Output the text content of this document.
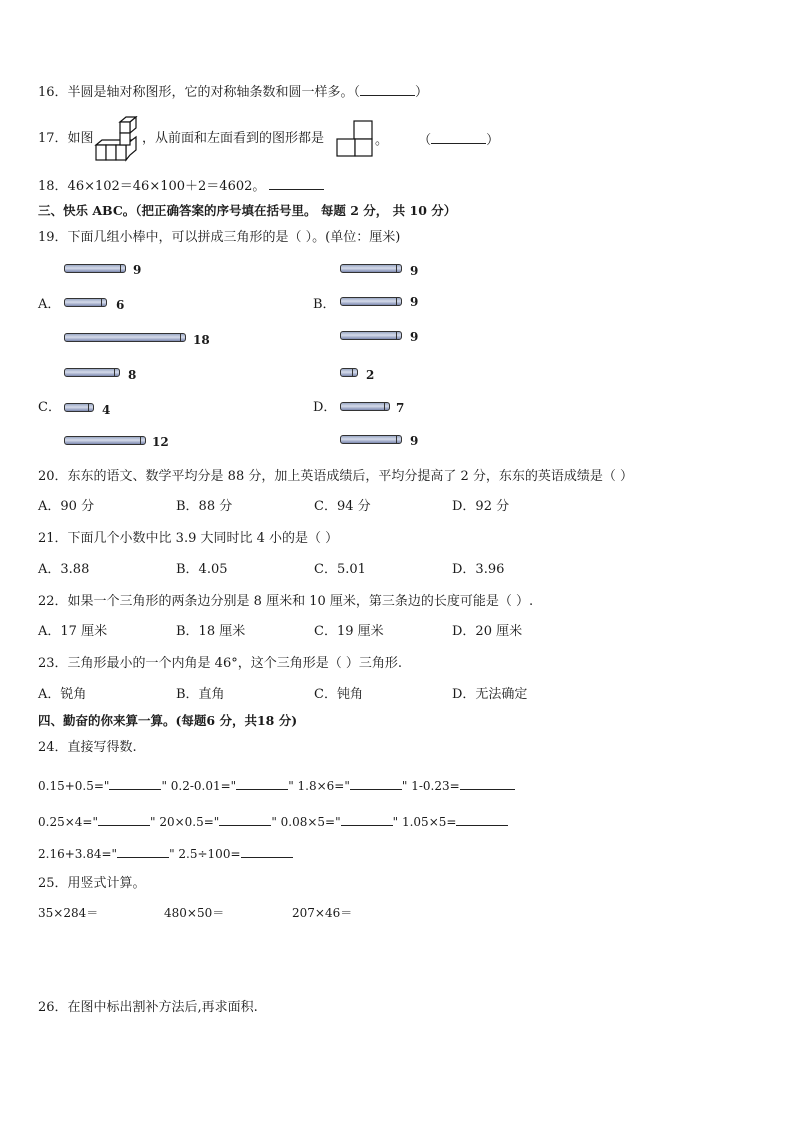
16．半圆是轴对称图形，它的对称轴条数和圆一样多。（	）
17．如图	，从前面和左面看到的图形都是	。 （	）
18．46×102＝46×100＋2＝4602。
三、快乐 ABC。（把正确答案的序号填在括号里。 每题 2 分， 共 10 分）
19．下面几组小棒中，可以拼成三角形的是（ ）。(单位：厘米)
A．	B．
C．	D．
9
6
18
9
9
9
8
4
12
2
7
9
20．东东的语文、数学平均分是 88 分，加上英语成绩后，平均分提高了 2 分，东东的英语成绩是（ ）
A．90 分	B．88 分	C．94 分	D．92 分
21．下面几个小数中比 3.9 大同时比 4 小的是（ ）
A．3.88	B．4.05	C．5.01	D．3.96
22．如果一个三角形的两条边分别是 8 厘米和 10 厘米，第三条边的长度可能是（ ）.
A．17 厘米	B．18 厘米	C．19 厘米	D．20 厘米
23．三角形最小的一个内角是 46°，这个三角形是（ ）三角形.
A．锐角	B．直角	C．钝角	D．无法确定
四、勤奋的你来算一算。(每题6 分，共18 分)
24．直接写得数.
0.15+0.5="	" 0.2-0.01="	" 1.8×6="	" 1-0.23=
0.25×4="	" 20×0.5="	" 0.08×5="	" 1.05×5=
2.16+3.84="	" 2.5÷100=
25．用竖式计算。
35×284＝	480×50＝	207×46＝
26．在图中标出割补方法后,再求面积.
